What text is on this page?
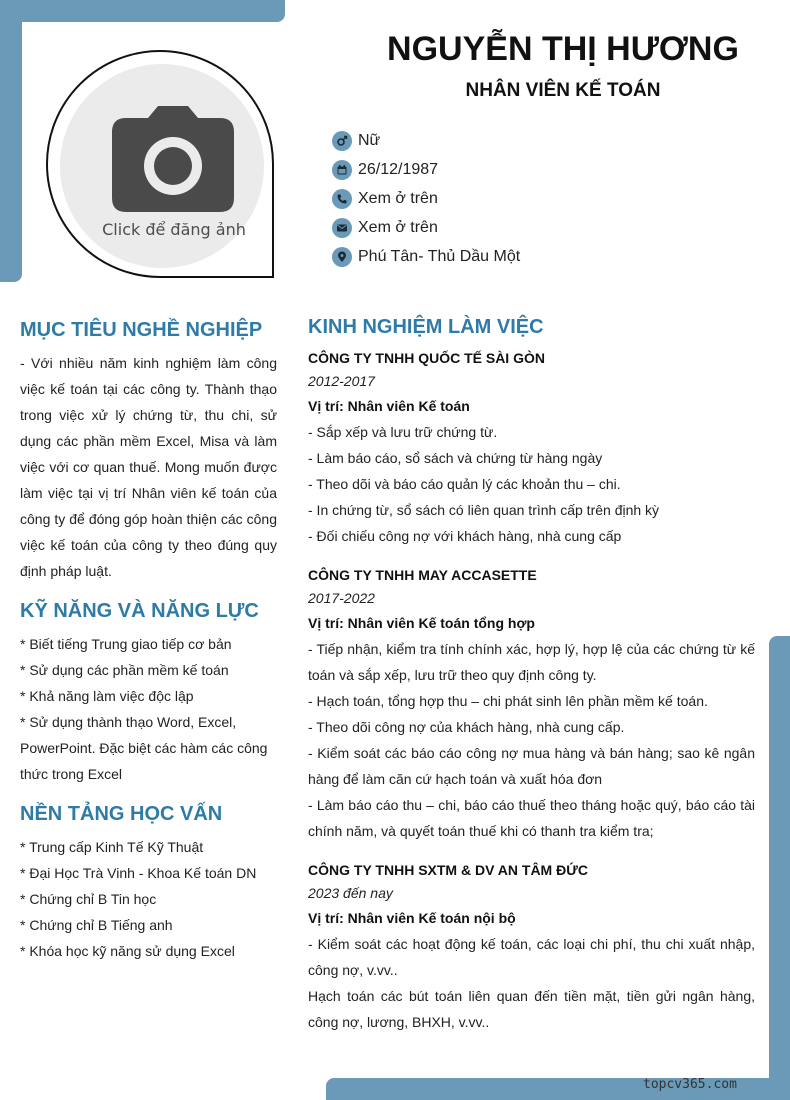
Click để đăng ảnh
NGUYỄN THỊ HƯƠNG
NHÂN VIÊN KẾ TOÁN
Nữ
26/12/1987
Xem ở trên
Xem ở trên
Phú Tân- Thủ Dầu Một
MỤC TIÊU NGHỀ NGHIỆP
- Với nhiều năm kinh nghiệm làm công việc kế toán tại các công ty. Thành thạo trong việc xử lý chứng từ, thu chi, sử dụng các phần mềm Excel, Misa và làm việc với cơ quan thuế. Mong muốn được làm việc tại vị trí Nhân viên kế toán của công ty để đóng góp hoàn thiện các công việc kế toán của công ty theo đúng quy định pháp luật.
KỸ NĂNG VÀ NĂNG LỰC
* Biết tiếng Trung giao tiếp cơ bản
* Sử dụng các phần mềm kế toán
* Khả năng làm việc độc lập
* Sử dụng thành thạo Word, Excel, PowerPoint. Đặc biệt các hàm các công thức trong Excel
NỀN TẢNG HỌC VẤN
* Trung cấp Kinh Tế Kỹ Thuật
* Đại Học Trà Vinh - Khoa Kế toán DN
* Chứng chỉ B Tin học
* Chứng chỉ B Tiếng anh
* Khóa học kỹ năng sử dụng Excel
KINH NGHIỆM LÀM VIỆC
CÔNG TY TNHH QUỐC TẾ SÀI GÒN
2012-2017
Vị trí: Nhân viên Kế toán
- Sắp xếp và lưu trữ chứng từ.
- Làm báo cáo, sổ sách và chứng từ hàng ngày
- Theo dõi và báo cáo quản lý các khoản thu – chi.
- In chứng từ, sổ sách có liên quan trình cấp trên định kỳ
- Đối chiếu công nợ với khách hàng, nhà cung cấp
CÔNG TY TNHH MAY ACCASETTE
2017-2022
Vị trí: Nhân viên Kế toán tổng hợp
- Tiếp nhận, kiểm tra tính chính xác, hợp lý, hợp lệ của các chứng từ kế toán và sắp xếp, lưu trữ theo quy định công ty.
- Hạch toán, tổng hợp thu – chi phát sinh lên phần mềm kế toán.
- Theo dõi công nợ của khách hàng, nhà cung cấp.
- Kiểm soát các báo cáo công nợ mua hàng và bán hàng; sao kê ngân hàng để làm căn cứ hạch toán và xuất hóa đơn
- Làm báo cáo thu – chi, báo cáo thuế theo tháng hoặc quý, báo cáo tài chính năm, và quyết toán thuế khi có thanh tra kiểm tra;
CÔNG TY TNHH SXTM & DV AN TÂM ĐỨC
2023 đến nay
Vị trí: Nhân viên Kế toán nội bộ
- Kiểm soát các hoạt động kế toán, các loại chi phí, thu chi xuất nhập, công nợ, v.vv..
Hạch toán các bút toán liên quan đến tiền mặt, tiền gửi ngân hàng, công nợ, lương, BHXH, v.vv..
topcv365.com
